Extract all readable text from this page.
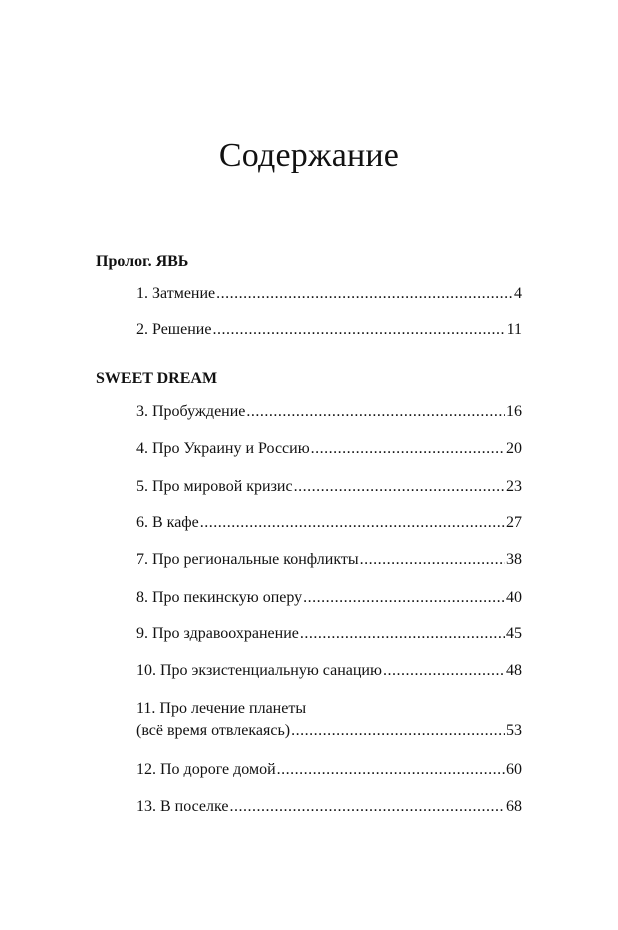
Содержание
Пролог. ЯВЬ
1. Затмение .....	4
2. Решение .....	11
SWEET DREAM
3. Пробуждение .....	16
4. Про Украину и Россию .....	20
5. Про мировой кризис .....	23
6. В кафе .....	27
7. Про региональные конфликты .....	38
8. Про пекинскую оперу .....	40
9. Про здравоохранение .....	45
10. Про экзистенциальную санацию .....	48
11. Про лечение планеты
(всё время отвлекаясь) .....	53
12. По дороге домой .....	60
13. В поселке .....	68
